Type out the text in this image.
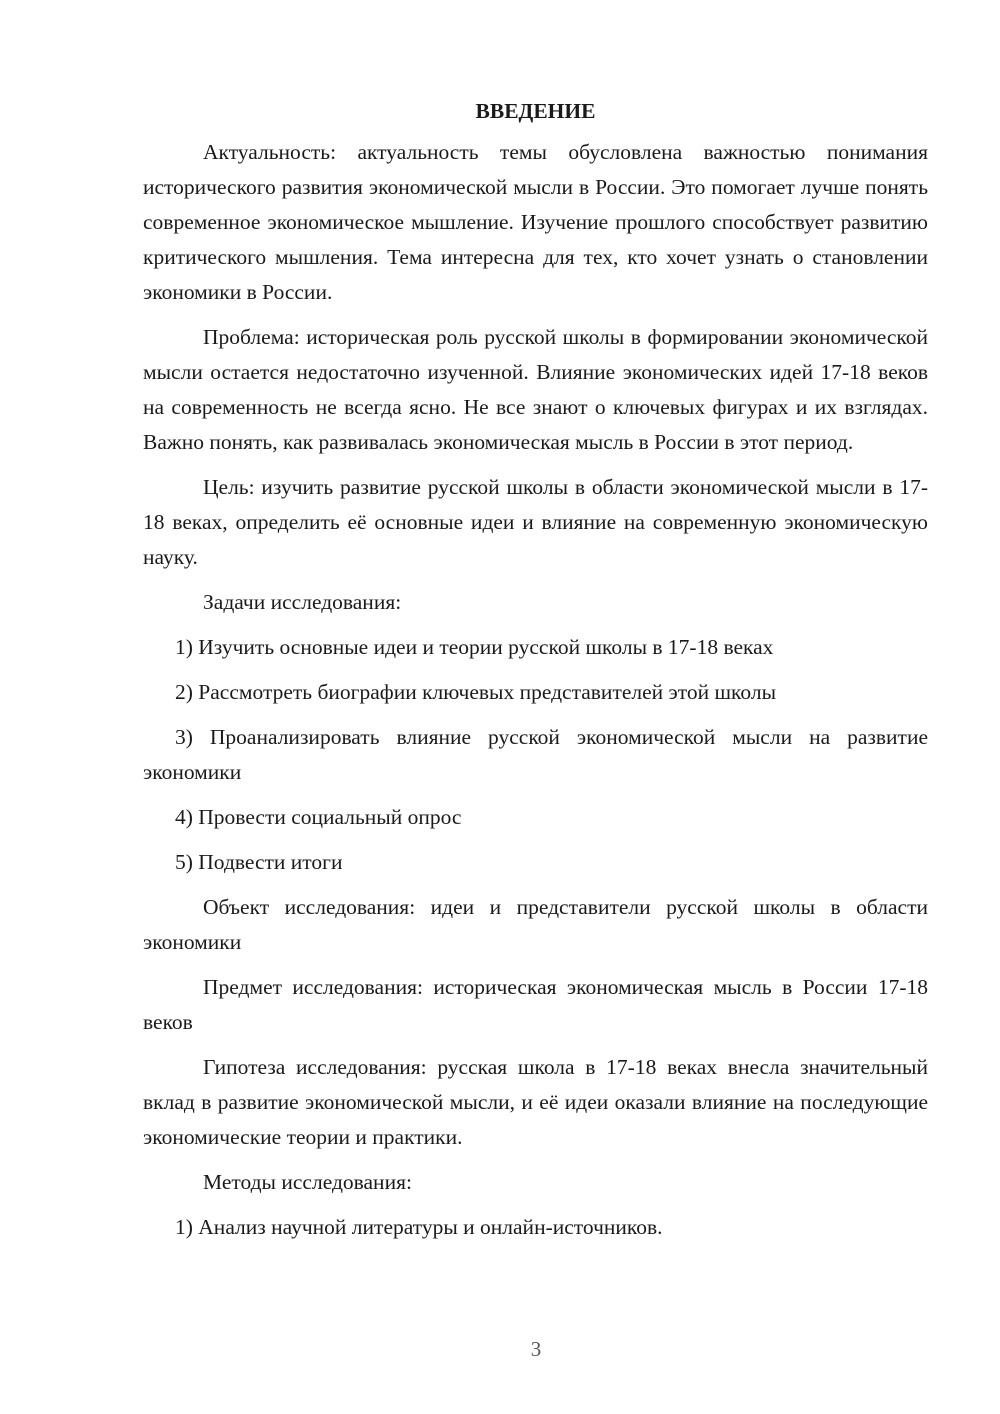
ВВЕДЕНИЕ

Актуальность: актуальность темы обусловлена важностью понимания исторического развития экономической мысли в России. Это помогает лучше понять современное экономическое мышление. Изучение прошлого способствует развитию критического мышления. Тема интересна для тех, кто хочет узнать о становлении экономики в России.

Проблема: историческая роль русской школы в формировании экономической мысли остается недостаточно изученной. Влияние экономических идей 17-18 веков на современность не всегда ясно. Не все знают о ключевых фигурах и их взглядах. Важно понять, как развивалась экономическая мысль в России в этот период.

Цель: изучить развитие русской школы в области экономической мысли в 17-18 веках, определить её основные идеи и влияние на современную экономическую науку.

Задачи исследования:

1) Изучить основные идеи и теории русской школы в 17-18 веках

2) Рассмотреть биографии ключевых представителей этой школы

3) Проанализировать влияние русской экономической мысли на развитие экономики

4) Провести социальный опрос

5) Подвести итоги

Объект исследования: идеи и представители русской школы в области экономики

Предмет исследования: историческая экономическая мысль в России 17-18 веков

Гипотеза исследования: русская школа в 17-18 веках внесла значительный вклад в развитие экономической мысли, и её идеи оказали влияние на последующие экономические теории и практики.

Методы исследования:

1) Анализ научной литературы и онлайн-источников.

3
